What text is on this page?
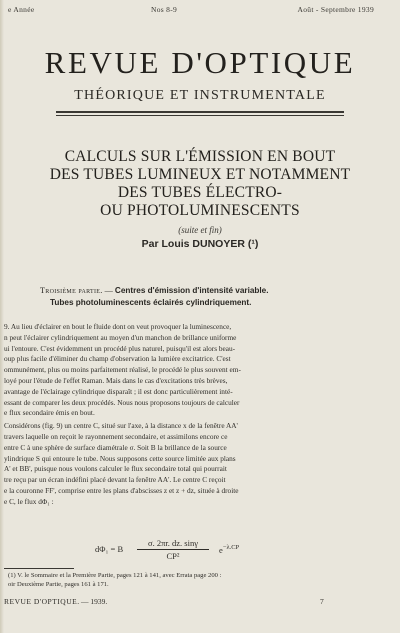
e Année	Nos 8-9	Août - Septembre 1939
REVUE D'OPTIQUE
THÉORIQUE ET INSTRUMENTALE
CALCULS SUR L'ÉMISSION EN BOUT
DES TUBES LUMINEUX ET NOTAMMENT
DES TUBES ÉLECTRO-
OU PHOTOLUMINESCENTS
(suite et fin)
Par Louis DUNOYER (¹)
Troisième partie. — Centres d'émission d'intensité variable.
Tubes photoluminescents éclairés cylindriquement.
9. Au lieu d'éclairer en bout le fluide dont on veut provoquer la luminescence,
n peut l'éclairer cylindriquement au moyen d'un manchon de brillance uniforme
ui l'entoure. C'est évidemment un procédé plus naturel, puisqu'il est alors beau-
oup plus facile d'éliminer du champ d'observation la lumière excitatrice. C'est
ommunément, plus ou moins parfaitement réalisé, le procédé le plus souvent em-
loyé pour l'étude de l'effet Raman. Mais dans le cas d'excitations très brèves,
avantage de l'éclairage cylindrique disparaît ; il est donc particulièrement inté-
essant de comparer les deux procédés. Nous nous proposons toujours de calculer
e flux secondaire émis en bout.
Considérons (fig. 9) un centre C, situé sur l'axe, à la distance x de la fenêtre AA'
travers laquelle on reçoit le rayonnement secondaire, et assimilons encore ce
entre C à une sphère de surface diamétrale σ. Soit B la brillance de la source
ylindrique S qui entoure le tube. Nous supposons cette source limitée aux plans
A' et BB', puisque nous voulons calculer le flux secondaire total qui pourrait
tre reçu par un écran indéfini placé devant la fenêtre AA'. Le centre C reçoit
e la couronne FF', comprise entre les plans d'abscisses z et z + dz, située à droite
e C, le flux dΦ₁ :
dΦ₁ = B $\frac{\sigma. 2\pi r. dz. \sin\gamma}{\text{CP²}} e^{-\lambda.CP}$
(1) V. le Sommaire et la Première Partie, pages 121 à 141, avec Errata page 200 :
oir Deuxième Partie, pages 161 à 171.
REVUE D'OPTIQUE. — 1939.	7
